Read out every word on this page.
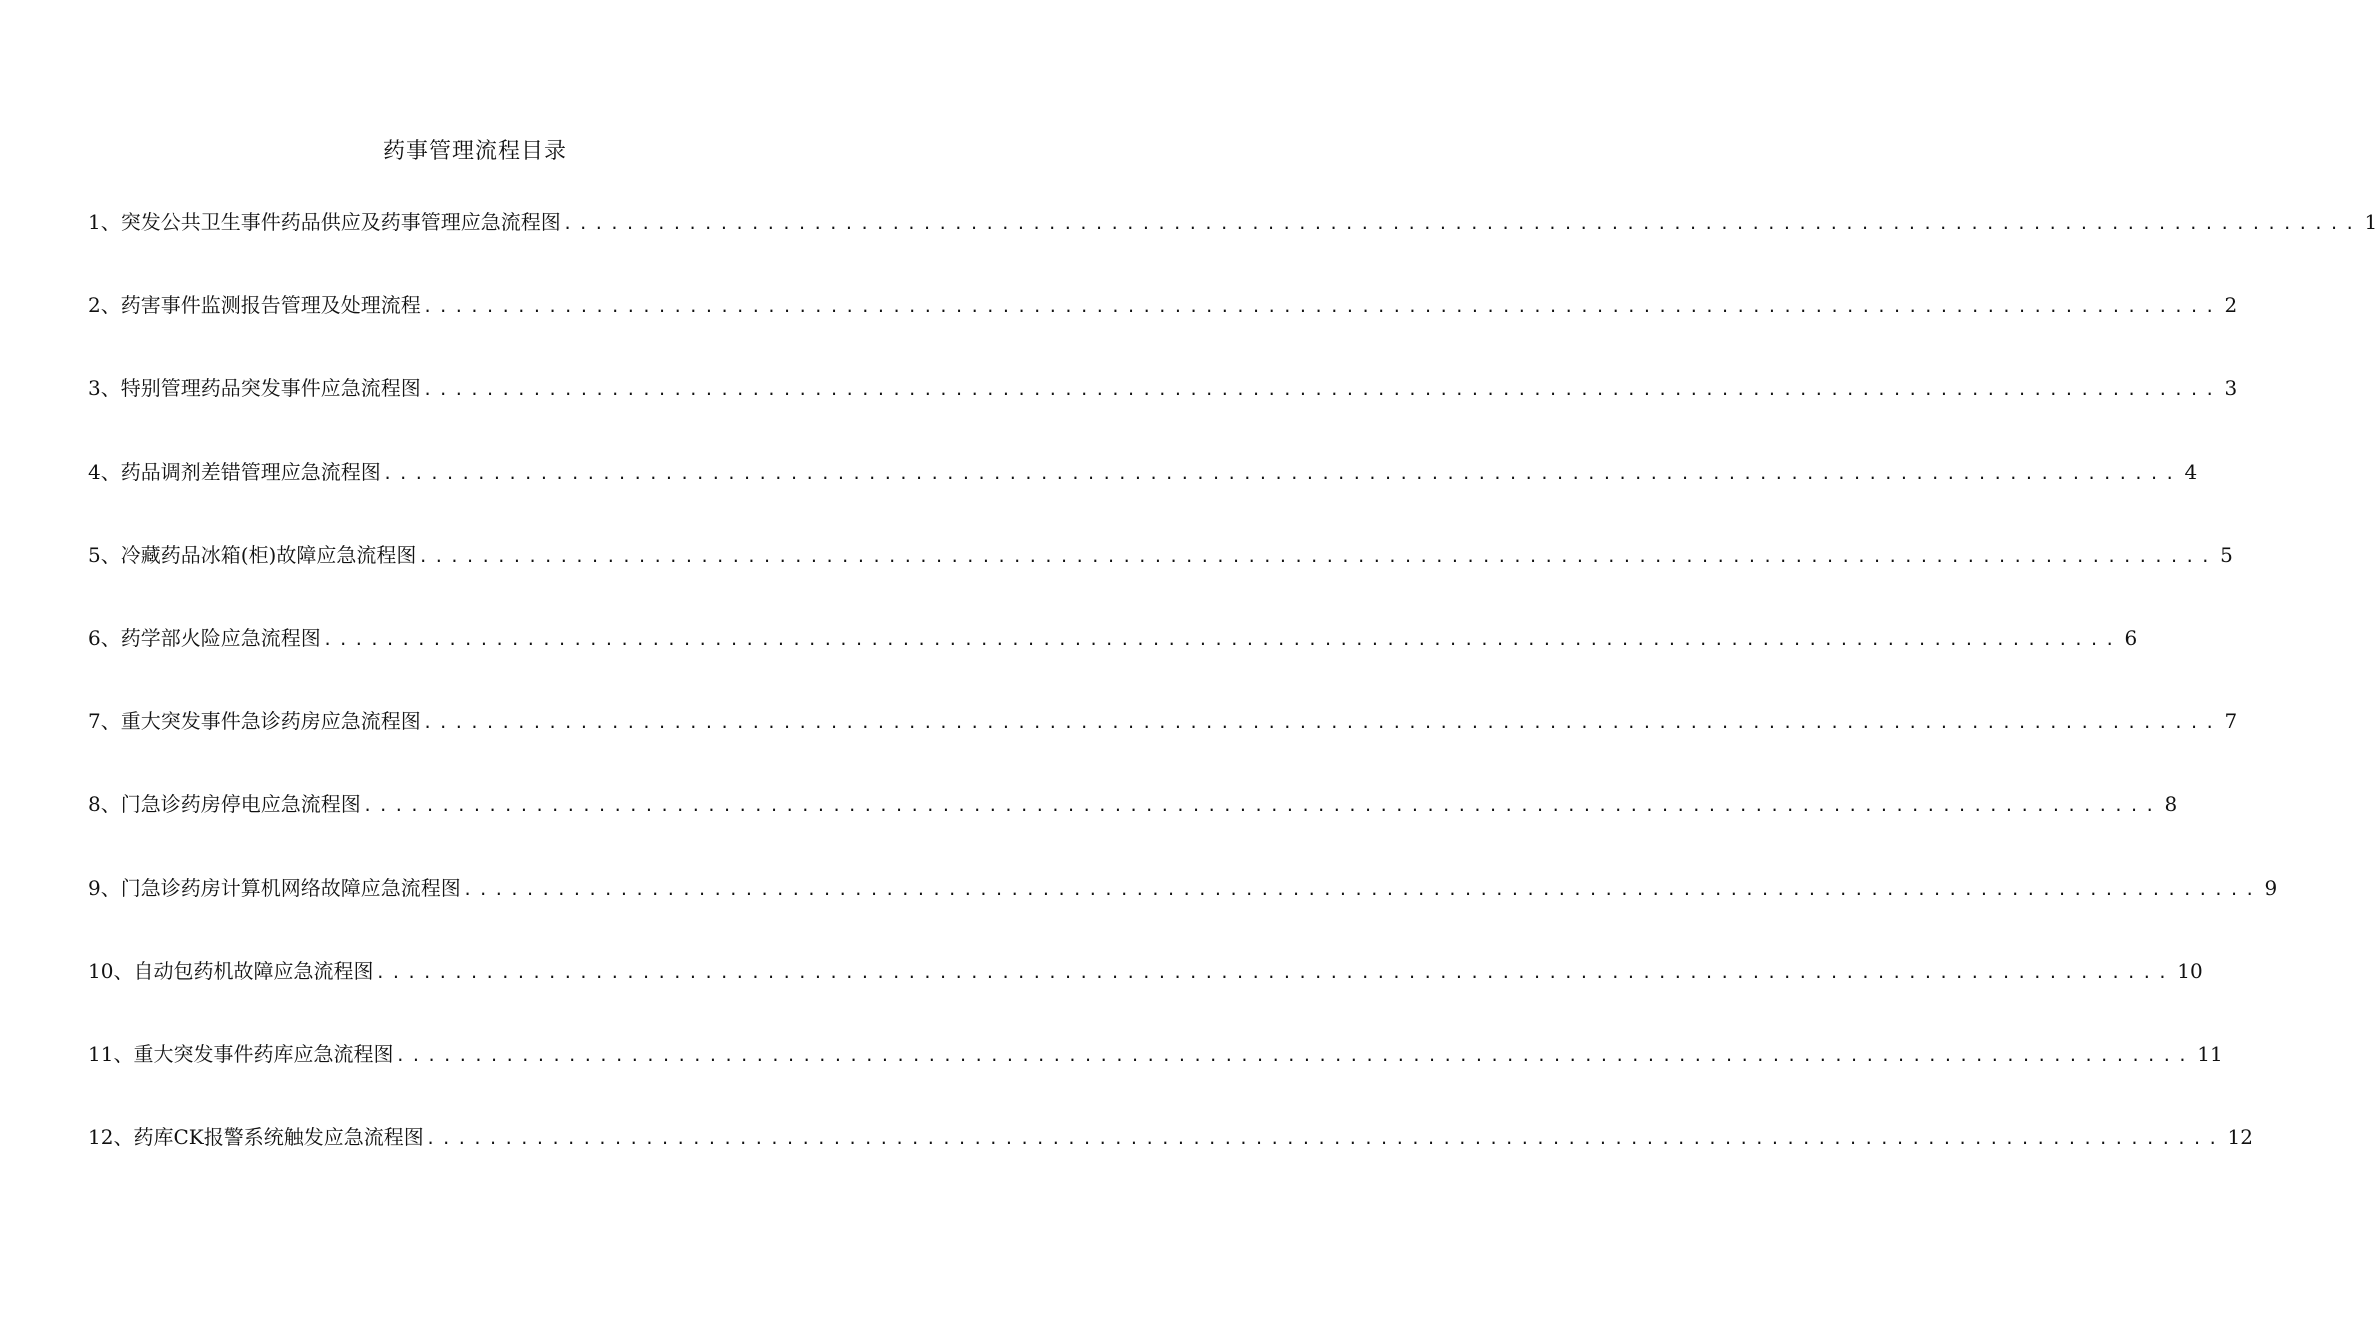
药事管理流程目录
1、突发公共卫生事件药品供应及药事管理应急流程图 ................................................................................................................... 1
2、药害事件监测报告管理及处理流程 ................................................................................................................... 2
3、特别管理药品突发事件应急流程图 ................................................................................................................... 3
4、药品调剂差错管理应急流程图 ................................................................................................................... 4
5、冷藏药品冰箱(柜)故障应急流程图 ................................................................................................................... 5
6、药学部火险应急流程图 ................................................................................................................... 6
7、重大突发事件急诊药房应急流程图 ................................................................................................................... 7
8、门急诊药房停电应急流程图 ................................................................................................................... 8
9、门急诊药房计算机网络故障应急流程图 ................................................................................................................... 9
10、自动包药机故障应急流程图 ................................................................................................................... 10
11、重大突发事件药库应急流程图 ................................................................................................................... 11
12、药库CK报警系统触发应急流程图 ................................................................................................................... 12
